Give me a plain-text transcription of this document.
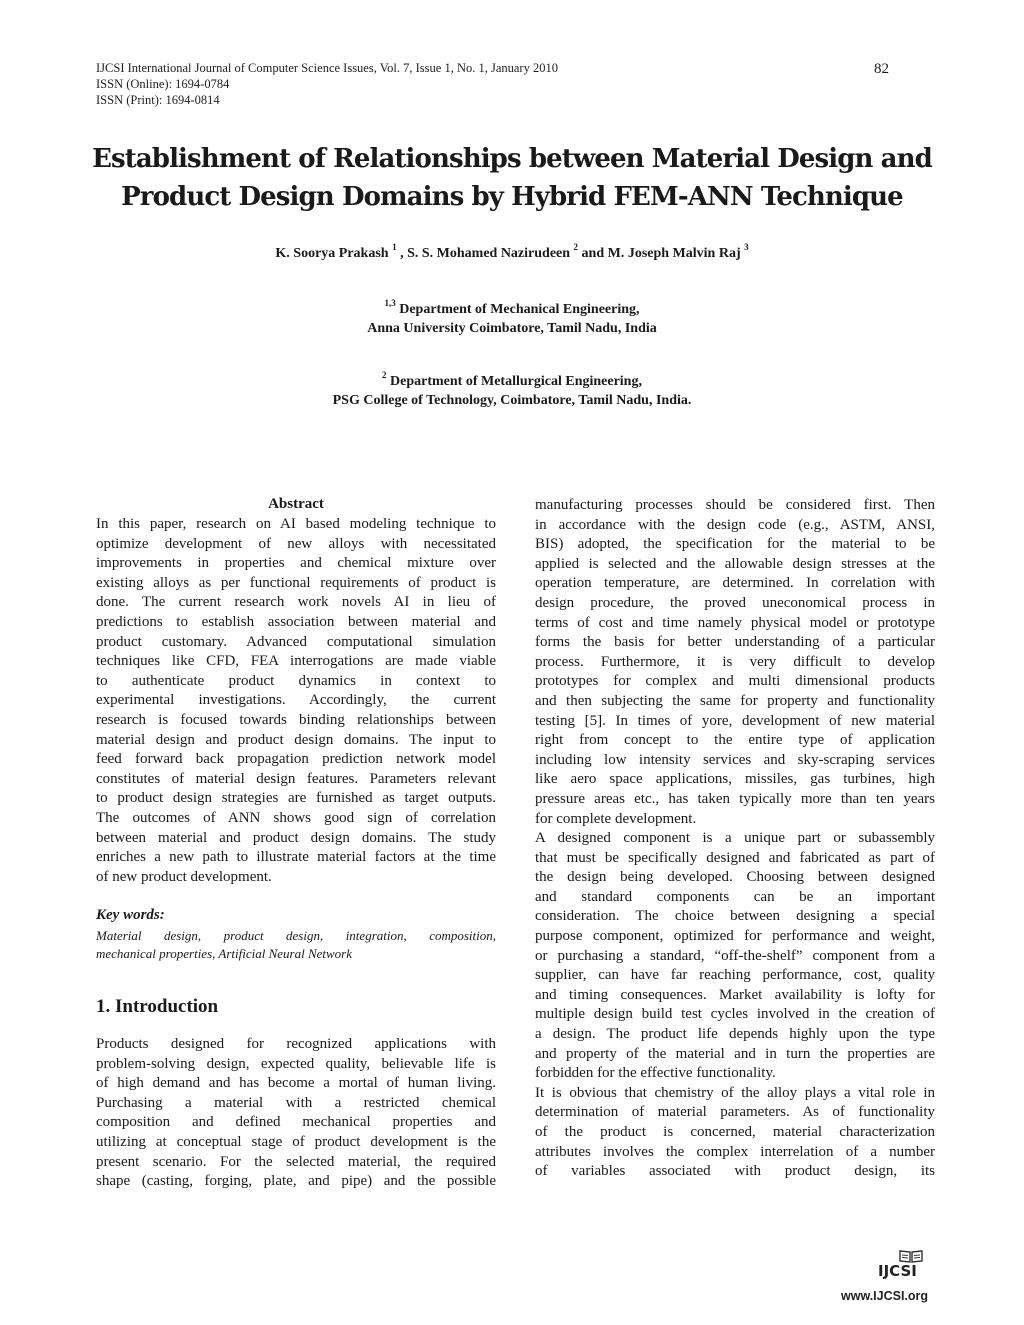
IJCSI International Journal of Computer Science Issues, Vol. 7, Issue 1, No. 1, January 2010
ISSN (Online): 1694-0784
ISSN (Print): 1694-0814
82
Establishment of Relationships between Material Design and
Product Design Domains by Hybrid FEM-ANN Technique
K. Soorya Prakash $^1$ , S. S. Mohamed Nazirudeen $^2$ and M. Joseph Malvin Raj $^3$
$^{1,3}$ Department of Mechanical Engineering,
Anna University Coimbatore, Tamil Nadu, India
$^2$ Department of Metallurgical Engineering,
PSG College of Technology, Coimbatore, Tamil Nadu, India.
Abstract
In this paper, research on AI based modeling technique to
optimize development of new alloys with necessitated
improvements in properties and chemical mixture over
existing alloys as per functional requirements of product is
done. The current research work novels AI in lieu of
predictions to establish association between material and
product customary. Advanced computational simulation
techniques like CFD, FEA interrogations are made viable
to authenticate product dynamics in context to
experimental investigations. Accordingly, the current
research is focused towards binding relationships between
material design and product design domains. The input to
feed forward back propagation prediction network model
constitutes of material design features. Parameters relevant
to product design strategies are furnished as target outputs.
The outcomes of ANN shows good sign of correlation
between material and product design domains. The study
enriches a new path to illustrate material factors at the time
of new product development.
Key words:
Material design, product design, integration, composition,
mechanical properties, Artificial Neural Network
1. Introduction
Products designed for recognized applications with
problem-solving design, expected quality, believable life is
of high demand and has become a mortal of human living.
Purchasing a material with a restricted chemical
composition and defined mechanical properties and
utilizing at conceptual stage of product development is the
present scenario. For the selected material, the required
shape (casting, forging, plate, and pipe) and the possible
manufacturing processes should be considered first. Then
in accordance with the design code (e.g., ASTM, ANSI,
BIS) adopted, the specification for the material to be
applied is selected and the allowable design stresses at the
operation temperature, are determined. In correlation with
design procedure, the proved uneconomical process in
terms of cost and time namely physical model or prototype
forms the basis for better understanding of a particular
process. Furthermore, it is very difficult to develop
prototypes for complex and multi dimensional products
and then subjecting the same for property and functionality
testing [5]. In times of yore, development of new material
right from concept to the entire type of application
including low intensity services and sky-scraping services
like aero space applications, missiles, gas turbines, high
pressure areas etc., has taken typically more than ten years
for complete development.
A designed component is a unique part or subassembly
that must be specifically designed and fabricated as part of
the design being developed. Choosing between designed
and standard components can be an important
consideration. The choice between designing a special
purpose component, optimized for performance and weight,
or purchasing a standard, “off-the-shelf” component from a
supplier, can have far reaching performance, cost, quality
and timing consequences. Market availability is lofty for
multiple design build test cycles involved in the creation of
a design. The product life depends highly upon the type
and property of the material and in turn the properties are
forbidden for the effective functionality.
It is obvious that chemistry of the alloy plays a vital role in
determination of material parameters. As of functionality
of the product is concerned, material characterization
attributes involves the complex interrelation of a number
of variables associated with product design, its
IJCSI
www.IJCSI.org
